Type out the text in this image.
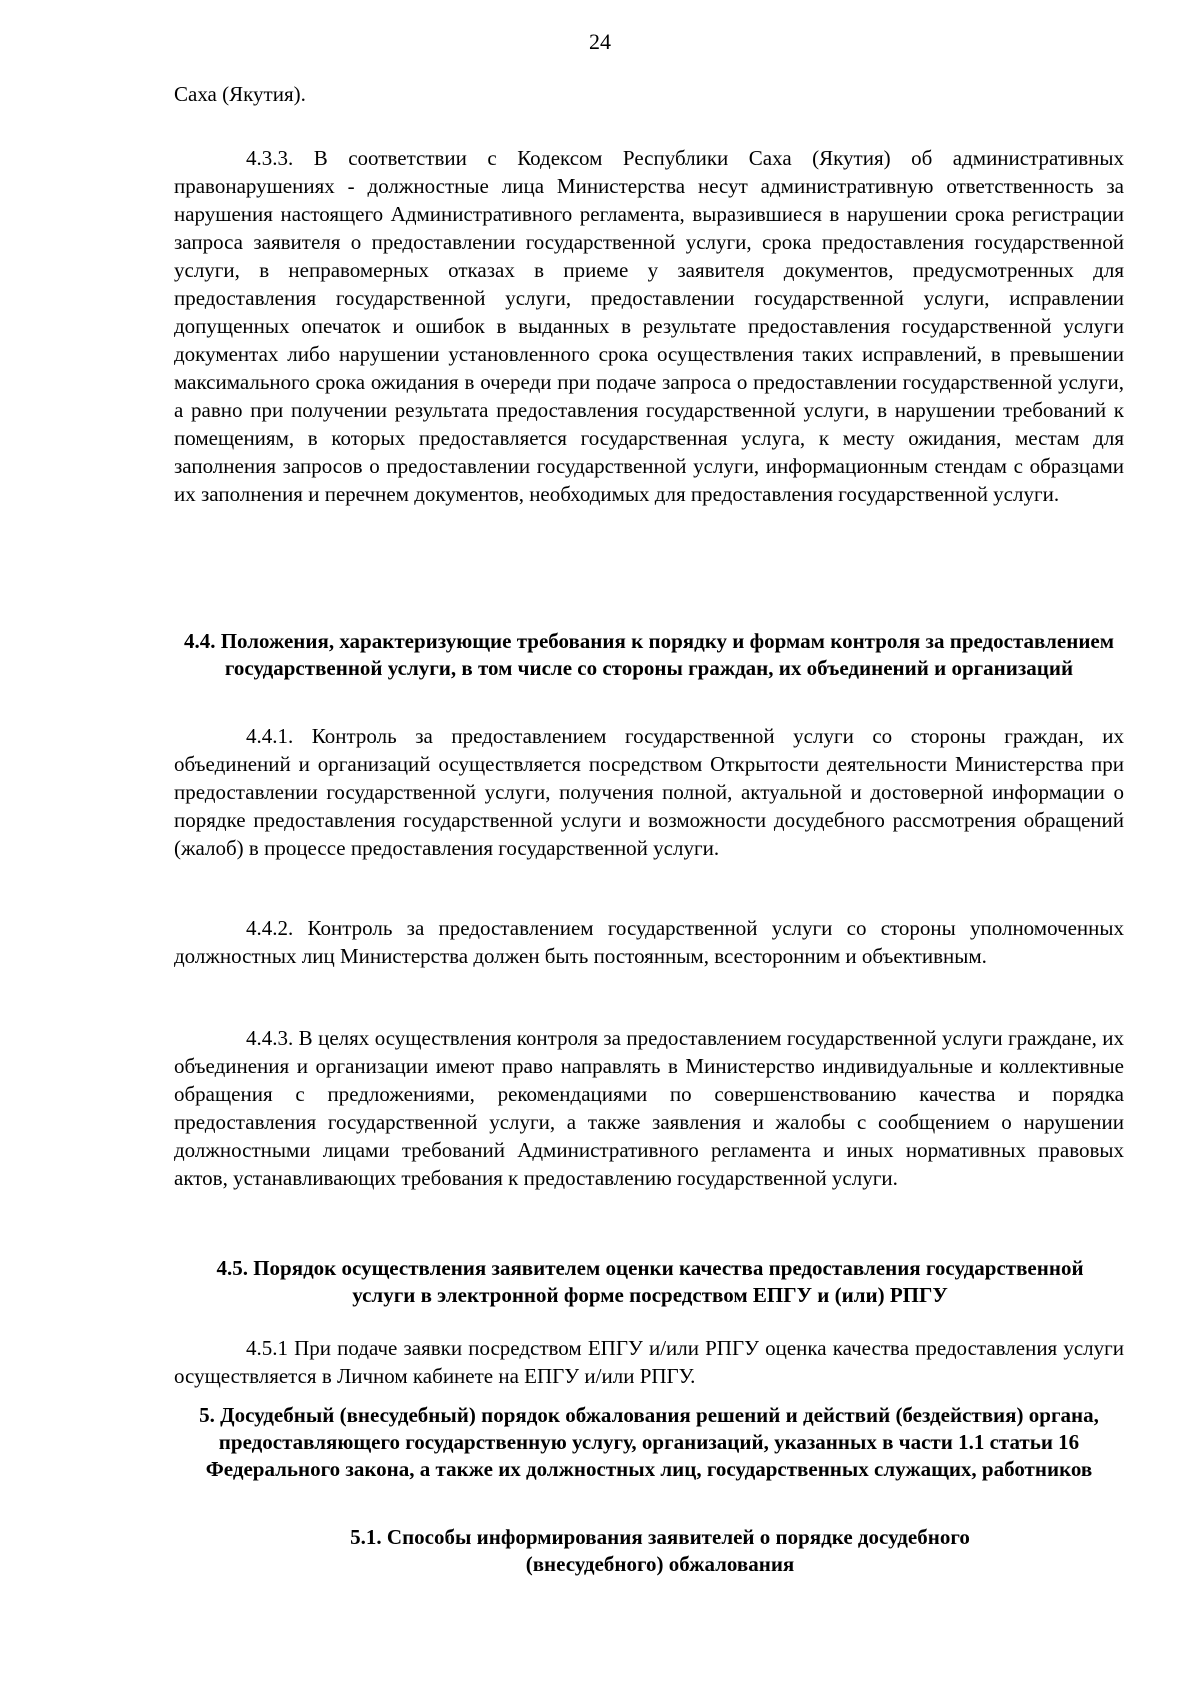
24

Саха (Якутия).

4.3.3. В соответствии с Кодексом Республики Саха (Якутия) об административных правонарушениях - должностные лица Министерства несут административную ответственность за нарушения настоящего Административного регламента, выразившиеся в нарушении срока регистрации запроса заявителя о предоставлении государственной услуги, срока предоставления государственной услуги, в неправомерных отказах в приеме у заявителя документов, предусмотренных для предоставления государственной услуги, предоставлении государственной услуги, исправлении допущенных опечаток и ошибок в выданных в результате предоставления государственной услуги документах либо нарушении установленного срока осуществления таких исправлений, в превышении максимального срока ожидания в очереди при подаче запроса о предоставлении государственной услуги, а равно при получении результата предоставления государственной услуги, в нарушении требований к помещениям, в которых предоставляется государственная услуга, к месту ожидания, местам для заполнения запросов о предоставлении государственной услуги, информационным стендам с образцами их заполнения и перечнем документов, необходимых для предоставления государственной услуги.

4.4. Положения, характеризующие требования к порядку и формам контроля за предоставлением государственной услуги, в том числе со стороны граждан, их объединений и организаций

4.4.1. Контроль за предоставлением государственной услуги со стороны граждан, их объединений и организаций осуществляется посредством Открытости деятельности Министерства при предоставлении государственной услуги, получения полной, актуальной и достоверной информации о порядке предоставления государственной услуги и возможности досудебного рассмотрения обращений (жалоб) в процессе предоставления государственной услуги.

4.4.2. Контроль за предоставлением государственной услуги со стороны уполномоченных должностных лиц Министерства должен быть постоянным, всесторонним и объективным.

4.4.3. В целях осуществления контроля за предоставлением государственной услуги граждане, их объединения и организации имеют право направлять в Министерство индивидуальные и коллективные обращения с предложениями, рекомендациями по совершенствованию качества и порядка предоставления государственной услуги, а также заявления и жалобы с сообщением о нарушении должностными лицами требований Административного регламента и иных нормативных правовых актов, устанавливающих требования к предоставлению государственной услуги.

4.5. Порядок осуществления заявителем оценки качества предоставления государственной услуги в электронной форме посредством ЕПГУ и (или) РПГУ

4.5.1 При подаче заявки посредством ЕПГУ и/или РПГУ оценка качества предоставления услуги осуществляется в Личном кабинете на ЕПГУ и/или РПГУ.

5. Досудебный (внесудебный) порядок обжалования решений и действий (бездействия) органа, предоставляющего государственную услугу, организаций, указанных в части 1.1 статьи 16 Федерального закона, а также их должностных лиц, государственных служащих, работников
5.1. Способы информирования заявителей о порядке досудебного (внесудебного) обжалования
